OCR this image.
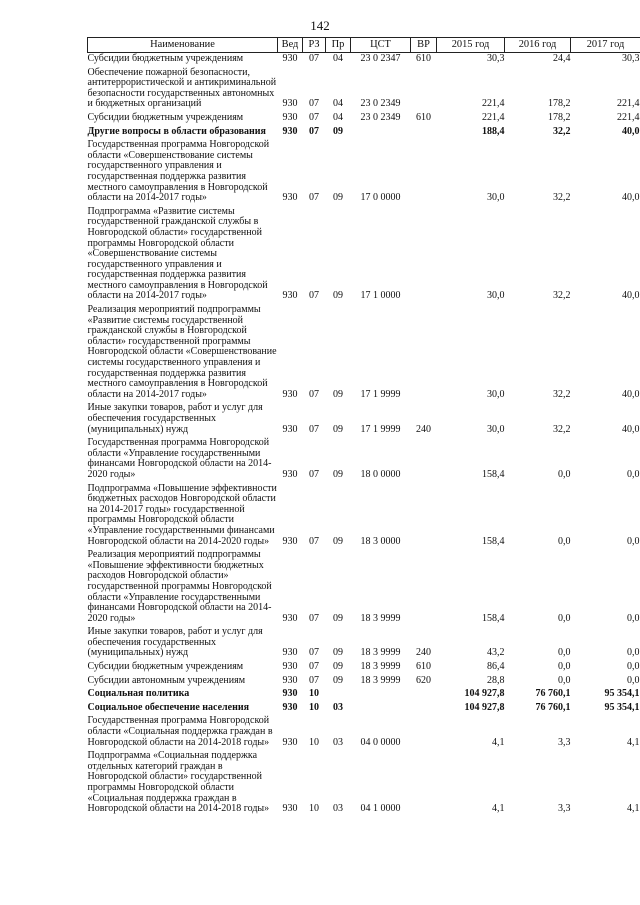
142
Наименование	Вед	РЗ	Пр	ЦСТ	ВР	2015 год	2016 год	2017 год
Субсидии бюджетным учреждениям	930	07	04	23 0 2347	610	30,3	24,4	30,3
Обеспечение пожарной безопасности, антитеррористической и антикриминальной безопасности государственных автономных и бюджетных организаций	930	07	04	23 0 2349		221,4	178,2	221,4
Субсидии бюджетным учреждениям	930	07	04	23 0 2349	610	221,4	178,2	221,4
Другие вопросы в области образования	930	07	09			188,4	32,2	40,0
Государственная программа Новгородской области «Совершенствование системы государственного управления и государственная поддержка развития местного самоуправления в Новгородской области на 2014-2017 годы»	930	07	09	17 0 0000		30,0	32,2	40,0
Подпрограмма «Развитие системы государственной гражданской службы в Новгородской области» государственной программы Новгородской области «Совершенствование системы государственного управления и государственная поддержка развития местного самоуправления в Новгородской области на 2014-2017 годы»	930	07	09	17 1 0000		30,0	32,2	40,0
Реализация мероприятий подпрограммы «Развитие системы государственной гражданской службы в Новгородской области» государственной программы Новгородской области «Совершенствование системы государственного управления и государственная поддержка развития местного самоуправления в Новгородской области на 2014-2017 годы»	930	07	09	17 1 9999		30,0	32,2	40,0
Иные закупки товаров, работ и услуг для обеспечения государственных (муниципальных) нужд	930	07	09	17 1 9999	240	30,0	32,2	40,0
Государственная программа Новгородской области «Управление государственными финансами Новгородской области на 2014-2020 годы»	930	07	09	18 0 0000		158,4	0,0	0,0
Подпрограмма «Повышение эффективности бюджетных расходов Новгородской области на 2014-2017 годы» государственной программы Новгородской области «Управление государственными финансами Новгородской области на 2014-2020 годы»	930	07	09	18 3 0000		158,4	0,0	0,0
Реализация мероприятий подпрограммы «Повышение эффективности бюджетных расходов Новгородской области» государственной программы Новгородской области «Управление государственными финансами Новгородской области на 2014-2020 годы»	930	07	09	18 3 9999		158,4	0,0	0,0
Иные закупки товаров, работ и услуг для обеспечения государственных (муниципальных) нужд	930	07	09	18 3 9999	240	43,2	0,0	0,0
Субсидии бюджетным учреждениям	930	07	09	18 3 9999	610	86,4	0,0	0,0
Субсидии автономным учреждениям	930	07	09	18 3 9999	620	28,8	0,0	0,0
Социальная политика	930	10				104 927,8	76 760,1	95 354,1
Социальное обеспечение населения	930	10	03			104 927,8	76 760,1	95 354,1
Государственная программа Новгородской области «Социальная поддержка граждан в Новгородской области на 2014-2018 годы»	930	10	03	04 0 0000		4,1	3,3	4,1
Подпрограмма «Социальная поддержка отдельных категорий граждан в Новгородской области» государственной программы Новгородской области «Социальная поддержка граждан в Новгородской области на 2014-2018 годы»	930	10	03	04 1 0000		4,1	3,3	4,1
